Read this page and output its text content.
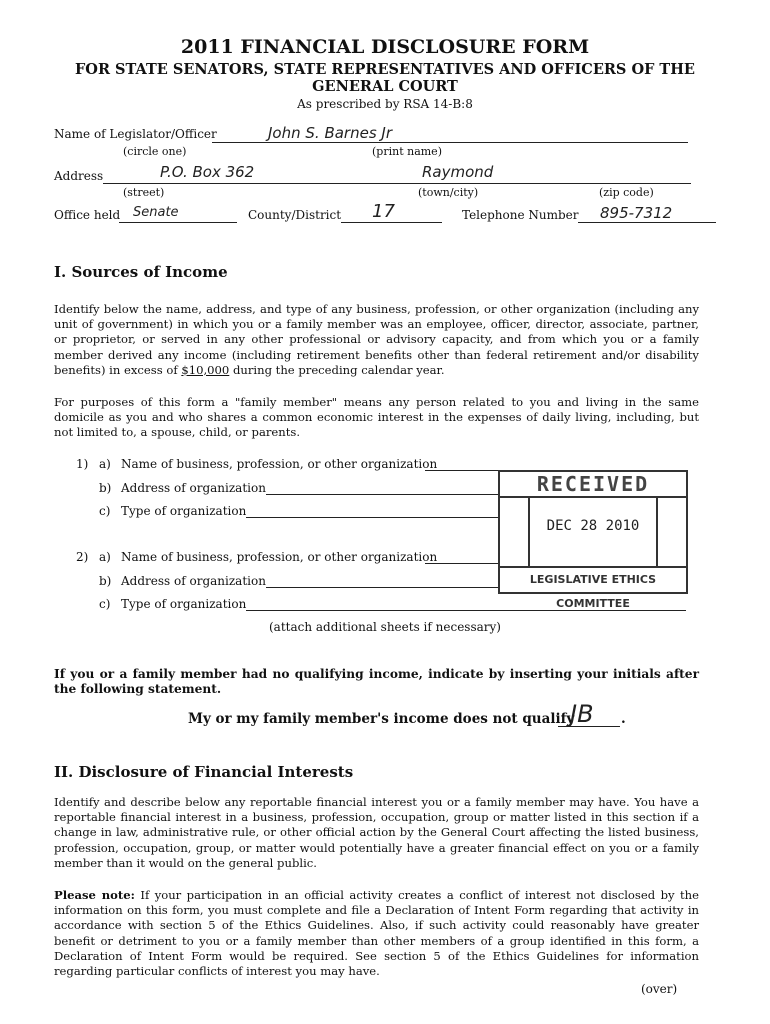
2011 FINANCIAL DISCLOSURE FORM
FOR STATE SENATORS, STATE REPRESENTATIVES AND OFFICERS OF THE
GENERAL COURT
As prescribed by RSA 14-B:8
Name of Legislator/Officer	John S. Barnes Jr
(circle one)	(print name)
Address	P.O. Box 362	Raymond
(street)	(town/city)	(zip code)
Office held Senate	County/District 17	Telephone Number 895-7312
I. Sources of Income
Identify below the name, address, and type of any business, profession, or other organization (including any unit of government) in which you or a family member was an employee, officer, director, associate, partner, or proprietor, or served in any other professional or advisory capacity, and from which you or a family member derived any income (including retirement benefits other than federal retirement and/or disability benefits) in excess of $10,000 during the preceding calendar year.
For purposes of this form a "family member" means any person related to you and living in the same domicile as you and who shares a common economic interest in the expenses of daily living, including, but not limited to, a spouse, child, or parents.
1) a) Name of business, profession, or other organization
b) Address of organization
c) Type of organization
2) a) Name of business, profession, or other organization
b) Address of organization
c) Type of organization
RECEIVED
DEC 28 2010
LEGISLATIVE ETHICS COMMITTEE
(attach additional sheets if necessary)
If you or a family member had no qualifying income, indicate by inserting your initials after the following statement.
My or my family member's income does not qualify
JB .
II. Disclosure of Financial Interests
Identify and describe below any reportable financial interest you or a family member may have. You have a reportable financial interest in a business, profession, occupation, group or matter listed in this section if a change in law, administrative rule, or other official action by the General Court affecting the listed business, profession, occupation, group, or matter would potentially have a greater financial effect on you or a family member than it would on the general public.
Please note: If your participation in an official activity creates a conflict of interest not disclosed by the information on this form, you must complete and file a Declaration of Intent Form regarding that activity in accordance with section 5 of the Ethics Guidelines. Also, if such activity could reasonably have greater benefit or detriment to you or a family member than other members of a group identified in this form, a Declaration of Intent Form would be required. See section 5 of the Ethics Guidelines for information regarding particular conflicts of interest you may have.
(over)
